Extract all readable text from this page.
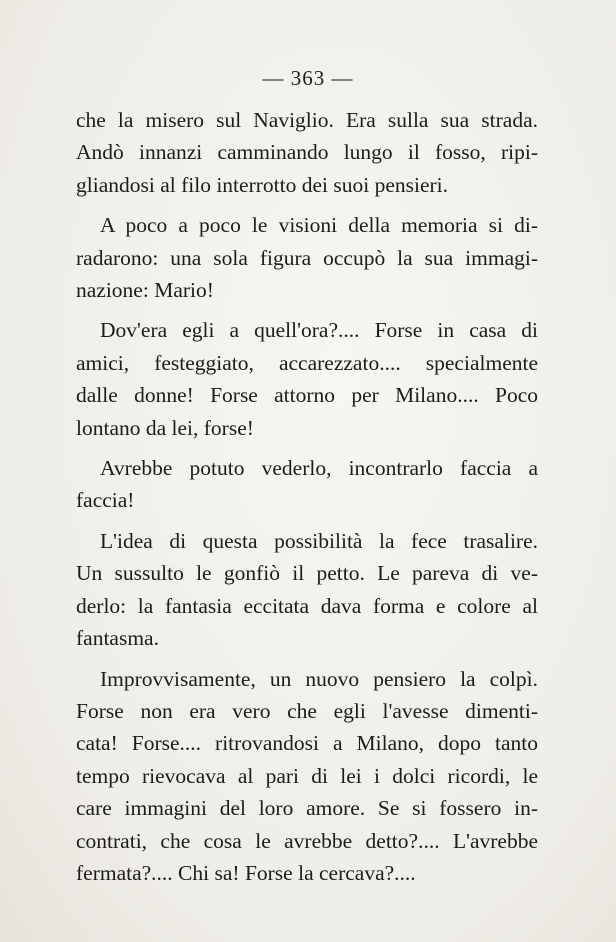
— 363 —
che la misero sul Naviglio. Era sulla sua strada.
Andò innanzi camminando lungo il fosso, ripi-
gliandosi al filo interrotto dei suoi pensieri.
A poco a poco le visioni della memoria si di-
radarono: una sola figura occupò la sua immagi-
nazione: Mario!
Dov'era egli a quell'ora?.... Forse in casa di
amici, festeggiato, accarezzato.... specialmente
dalle donne! Forse attorno per Milano.... Poco
lontano da lei, forse!
Avrebbe potuto vederlo, incontrarlo faccia a
faccia!
L'idea di questa possibilità la fece trasalire.
Un sussulto le gonfiò il petto. Le pareva di ve-
derlo: la fantasia eccitata dava forma e colore al
fantasma.
Improvvisamente, un nuovo pensiero la colpì.
Forse non era vero che egli l'avesse dimenti-
cata! Forse.... ritrovandosi a Milano, dopo tanto
tempo rievocava al pari di lei i dolci ricordi, le
care immagini del loro amore. Se si fossero in-
contrati, che cosa le avrebbe detto?.... L'avrebbe
fermata?.... Chi sa! Forse la cercava?....
